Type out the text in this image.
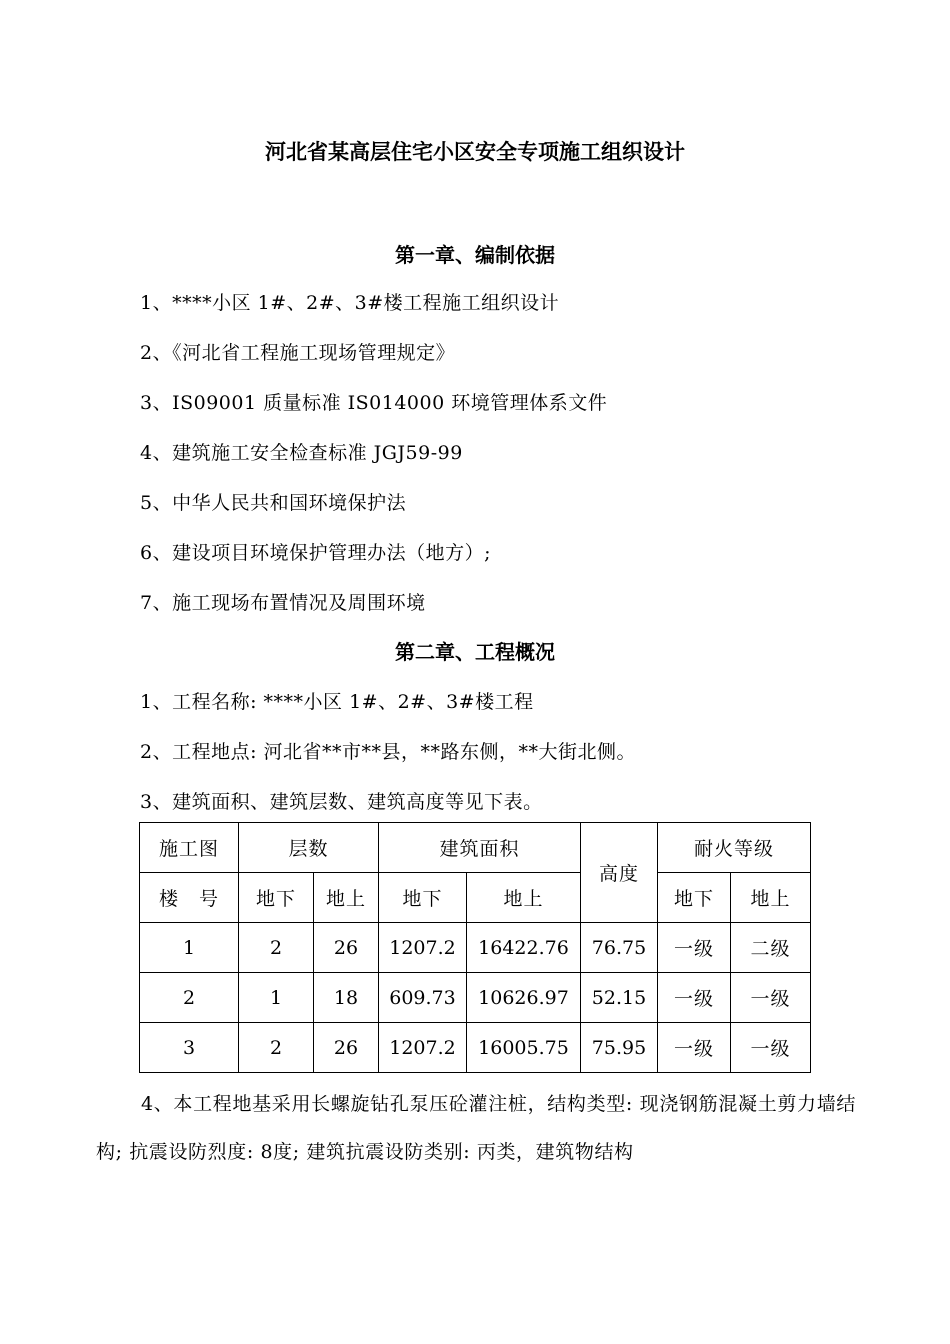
河北省某高层住宅小区安全专项施工组织设计
第一章、编制依据
1、****小区 1#、2#、3#楼工程施工组织设计
2、《河北省工程施工现场管理规定》
3、IS09001 质量标准 IS014000 环境管理体系文件
4、建筑施工安全检查标准 JGJ59-99
5、中华人民共和国环境保护法
6、建设项目环境保护管理办法（地方）;
7、施工现场布置情况及周围环境
第二章、工程概况
1、工程名称: ****小区 1#、2#、3#楼工程
2、工程地点: 河北省**市**县，**路东侧，**大街北侧。
3、建筑面积、建筑层数、建筑高度等见下表。
施工图	层数		建筑面积		高度	耐火等级	
楼　号	地下	地上	地下	地上		地下	地上
1	2	26	1207.2	16422.76	76.75	一级	二级
2	1	18	609.73	10626.97	52.15	一级	一级
3	2	26	1207.2	16005.75	75.95	一级	一级
4、本工程地基采用长螺旋钻孔泵压砼灌注桩，结构类型: 现浇钢筋混凝土剪力墙结构; 抗震设防烈度: 8度; 建筑抗震设防类别: 丙类，建筑物结构
